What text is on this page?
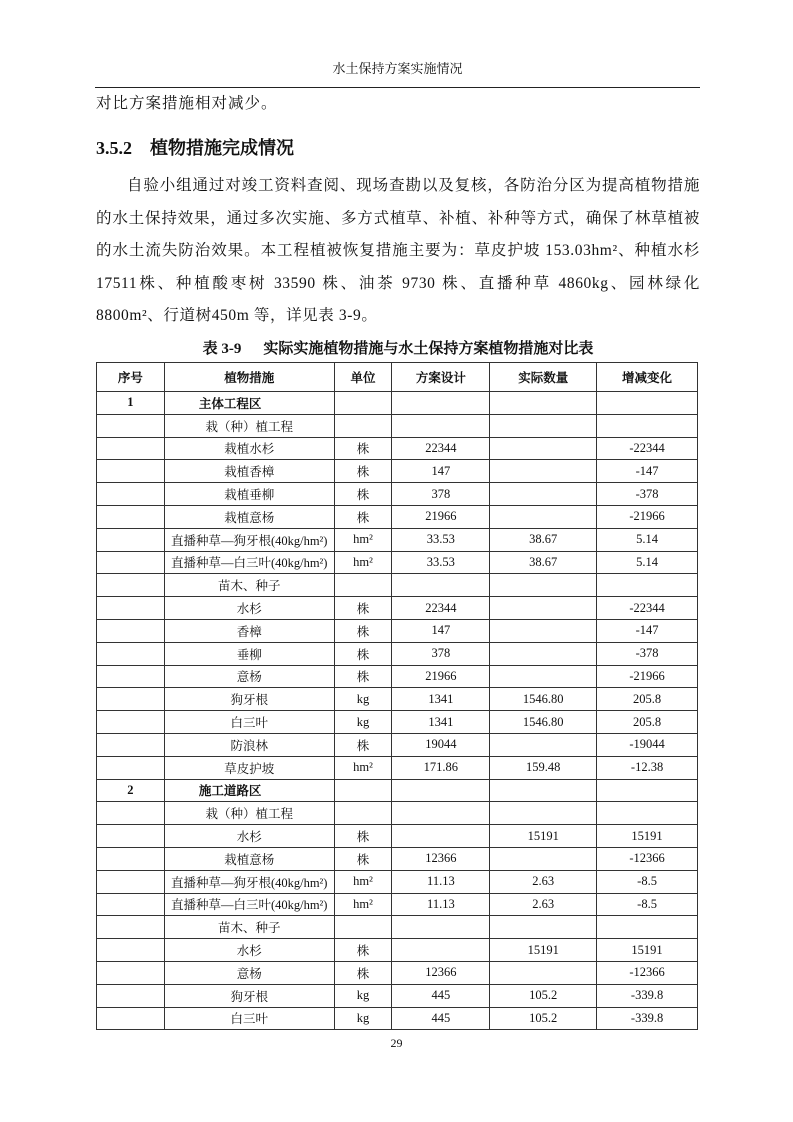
水土保持方案实施情况
对比方案措施相对减少。
3.5.2 植物措施完成情况
自验小组通过对竣工资料查阅、现场查勘以及复核，各防治分区为提高植物措施的水土保持效果，通过多次实施、多方式植草、补植、补种等方式，确保了林草植被的水土流失防治效果。本工程植被恢复措施主要为：草皮护坡 153.03hm²、种植水杉 17511株、种植酸枣树 33590 株、油茶 9730 株、直播种草 4860kg、园林绿化 8800m²、行道树450m 等，详见表 3-9。
表 3-9 实际实施植物措施与水土保持方案植物措施对比表
序号	植物措施	单位	方案设计	实际数量	增减变化
1	主体工程区				
	栽（种）植工程				
	栽植水杉	株	22344		-22344
	栽植香樟	株	147		-147
	栽植垂柳	株	378		-378
	栽植意杨	株	21966		-21966
	直播种草—狗牙根(40kg/hm²)	hm²	33.53	38.67	5.14
	直播种草—白三叶(40kg/hm²)	hm²	33.53	38.67	5.14
	苗木、种子				
	水杉	株	22344		-22344
	香樟	株	147		-147
	垂柳	株	378		-378
	意杨	株	21966		-21966
	狗牙根	kg	1341	1546.80	205.8
	白三叶	kg	1341	1546.80	205.8
	防浪林	株	19044		-19044
	草皮护坡	hm²	171.86	159.48	-12.38
2	施工道路区				
	栽（种）植工程				
	水杉	株		15191	15191
	栽植意杨	株	12366		-12366
	直播种草—狗牙根(40kg/hm²)	hm²	11.13	2.63	-8.5
	直播种草—白三叶(40kg/hm²)	hm²	11.13	2.63	-8.5
	苗木、种子				
	水杉	株		15191	15191
	意杨	株	12366		-12366
	狗牙根	kg	445	105.2	-339.8
	白三叶	kg	445	105.2	-339.8
29
